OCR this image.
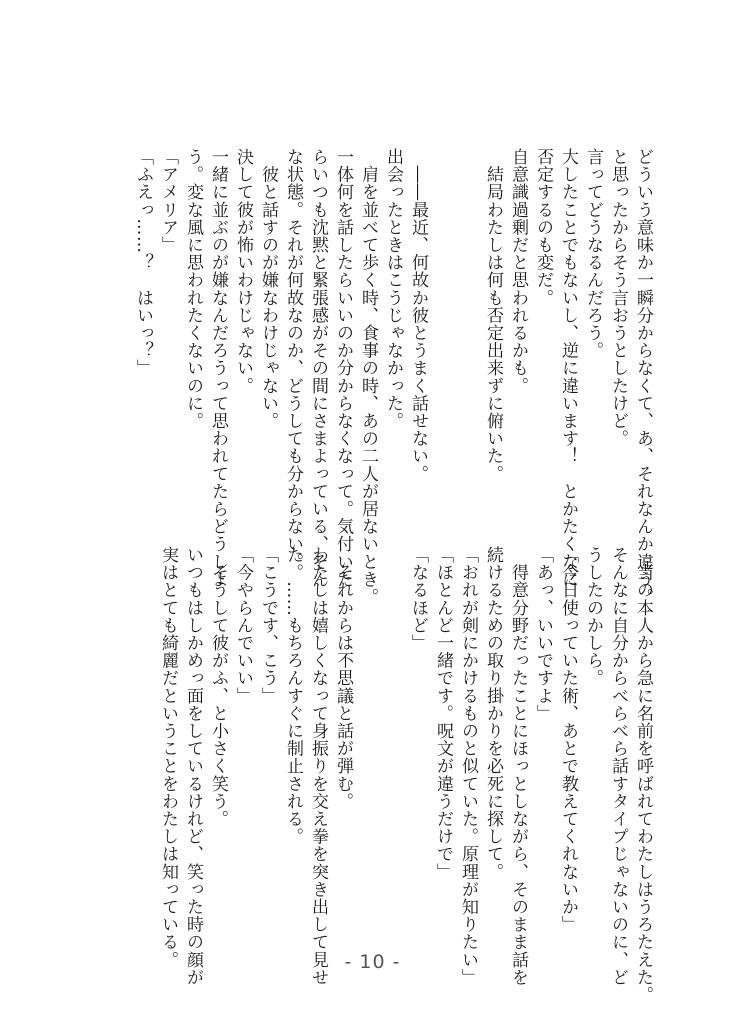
どういう意味か一瞬分からなくて、あ、それなんか違う。
と思ったからそう言おうとしたけど。
言ってどうなるんだろう。
大したことでもないし、逆に違います！　とかたくなに
否定するのも変だ。
自意識過剰だと思われるかも。
　結局わたしは何も否定出来ずに俯いた。

　――最近、何故か彼とうまく話せない。
出会ったときはこうじゃなかった。
　肩を並べて歩く時、食事の時、あの二人が居ないとき。
一体何を話したらいいのか分からなくなって。気付いた
らいつも沈黙と緊張感がその間にさまよっている、そん
な状態。それが何故なのか、どうしても分からない。
　彼と話すのが嫌なわけじゃない。
決して彼が怖いわけじゃない。
一緒に並ぶのが嫌なんだろうって思われてたらどうしよ
う。変な風に思われたくないのに。
「アメリア」
「ふえっ……？　はいっ？」
　当の本人から急に名前を呼ばれてわたしはうろたえた。
そんなに自分からべらべら話すタイプじゃないのに、ど
うしたのかしら。
「今日使っていた術、あとで教えてくれないか」
「あっ、いいですよ」
　得意分野だったことにほっとしながら、そのまま話を
続けるための取り掛かりを必死に探して。
「おれが剣にかけるものと似ていた。原理が知りたい」
「ほとんど一緒です。呪文が違うだけで」
「なるほど」

　それからは不思議と話が弾む。
わたしは嬉しくなって身振りを交え拳を突き出して見せ
た。……もちろんすぐに制止される。
「こうです、こう」
「今やらんでいい」
　そうして彼がふ、と小さく笑う。
いつもはしかめっ面をしているけれど、笑った時の顔が
実はとても綺麗だということをわたしは知っている。	- 10 -
